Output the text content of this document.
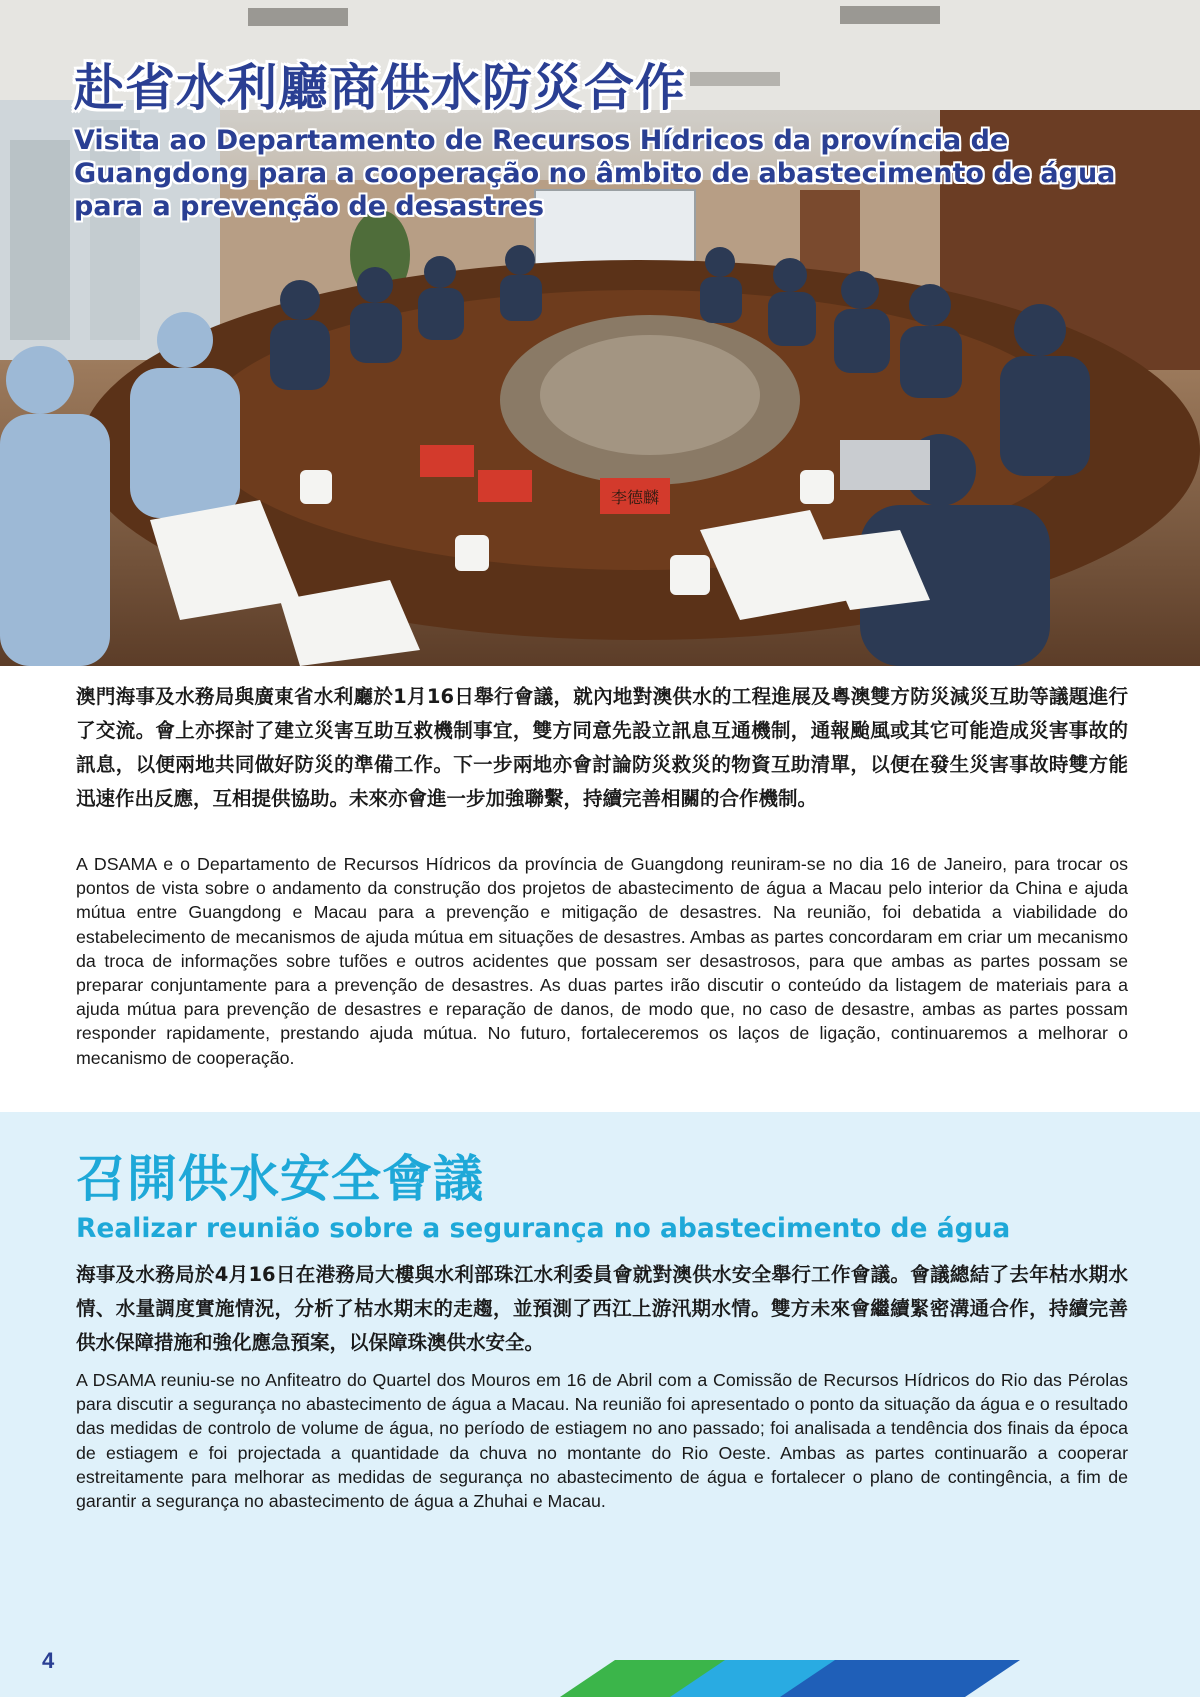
李德麟
赴省水利廳商供水防災合作
Visita ao Departamento de Recursos Hídricos da província de Guangdong para a cooperação no âmbito de abastecimento de água para a prevenção de desastres

澳門海事及水務局與廣東省水利廳於1月16日舉行會議，就內地對澳供水的工程進展及粵澳雙方防災減災互助等議題進行了交流。會上亦探討了建立災害互助互救機制事宜，雙方同意先設立訊息互通機制，通報颱風或其它可能造成災害事故的訊息，以便兩地共同做好防災的準備工作。下一步兩地亦會討論防災救災的物資互助清單，以便在發生災害事故時雙方能迅速作出反應，互相提供協助。未來亦會進一步加強聯繫，持續完善相關的合作機制。

A DSAMA e o Departamento de Recursos Hídricos da província de Guangdong reuniram-se no dia 16 de Janeiro, para trocar os pontos de vista sobre o andamento da construção dos projetos de abastecimento de água a Macau pelo interior da China e ajuda mútua entre Guangdong e Macau para a prevenção e mitigação de desastres. Na reunião, foi debatida a viabilidade do estabelecimento de mecanismos de ajuda mútua em situações de desastres. Ambas as partes concordaram em criar um mecanismo da troca de informações sobre tufões e outros acidentes que possam ser desastrosos, para que ambas as partes possam se preparar conjuntamente para a prevenção de desastres. As duas partes irão discutir o conteúdo da listagem de materiais para a ajuda mútua para prevenção de desastres e reparação de danos, de modo que, no caso de desastre, ambas as partes possam responder rapidamente, prestando ajuda mútua. No futuro, fortaleceremos os laços de ligação, continuaremos a melhorar o mecanismo de cooperação.

召開供水安全會議
Realizar reunião sobre a segurança no abastecimento de água

海事及水務局於4月16日在港務局大樓與水利部珠江水利委員會就對澳供水安全舉行工作會議。會議總結了去年枯水期水情、水量調度實施情況，分析了枯水期末的走趨，並預測了西江上游汛期水情。雙方未來會繼續緊密溝通合作，持續完善供水保障措施和強化應急預案，以保障珠澳供水安全。

A DSAMA reuniu-se no Anfiteatro do Quartel dos Mouros em 16 de Abril com a Comissão de Recursos Hídricos do Rio das Pérolas para discutir a segurança no abastecimento de água a Macau. Na reunião foi apresentado o ponto da situação da água e o resultado das medidas de controlo de volume de água, no período de estiagem no ano passado; foi analisada a tendência dos finais da época de estiagem e foi projectada a quantidade da chuva no montante do Rio Oeste. Ambas as partes continuarão a cooperar estreitamente para melhorar as medidas de segurança no abastecimento de água e fortalecer o plano de contingência, a fim de garantir a segurança no abastecimento de água a Zhuhai e Macau.

4
